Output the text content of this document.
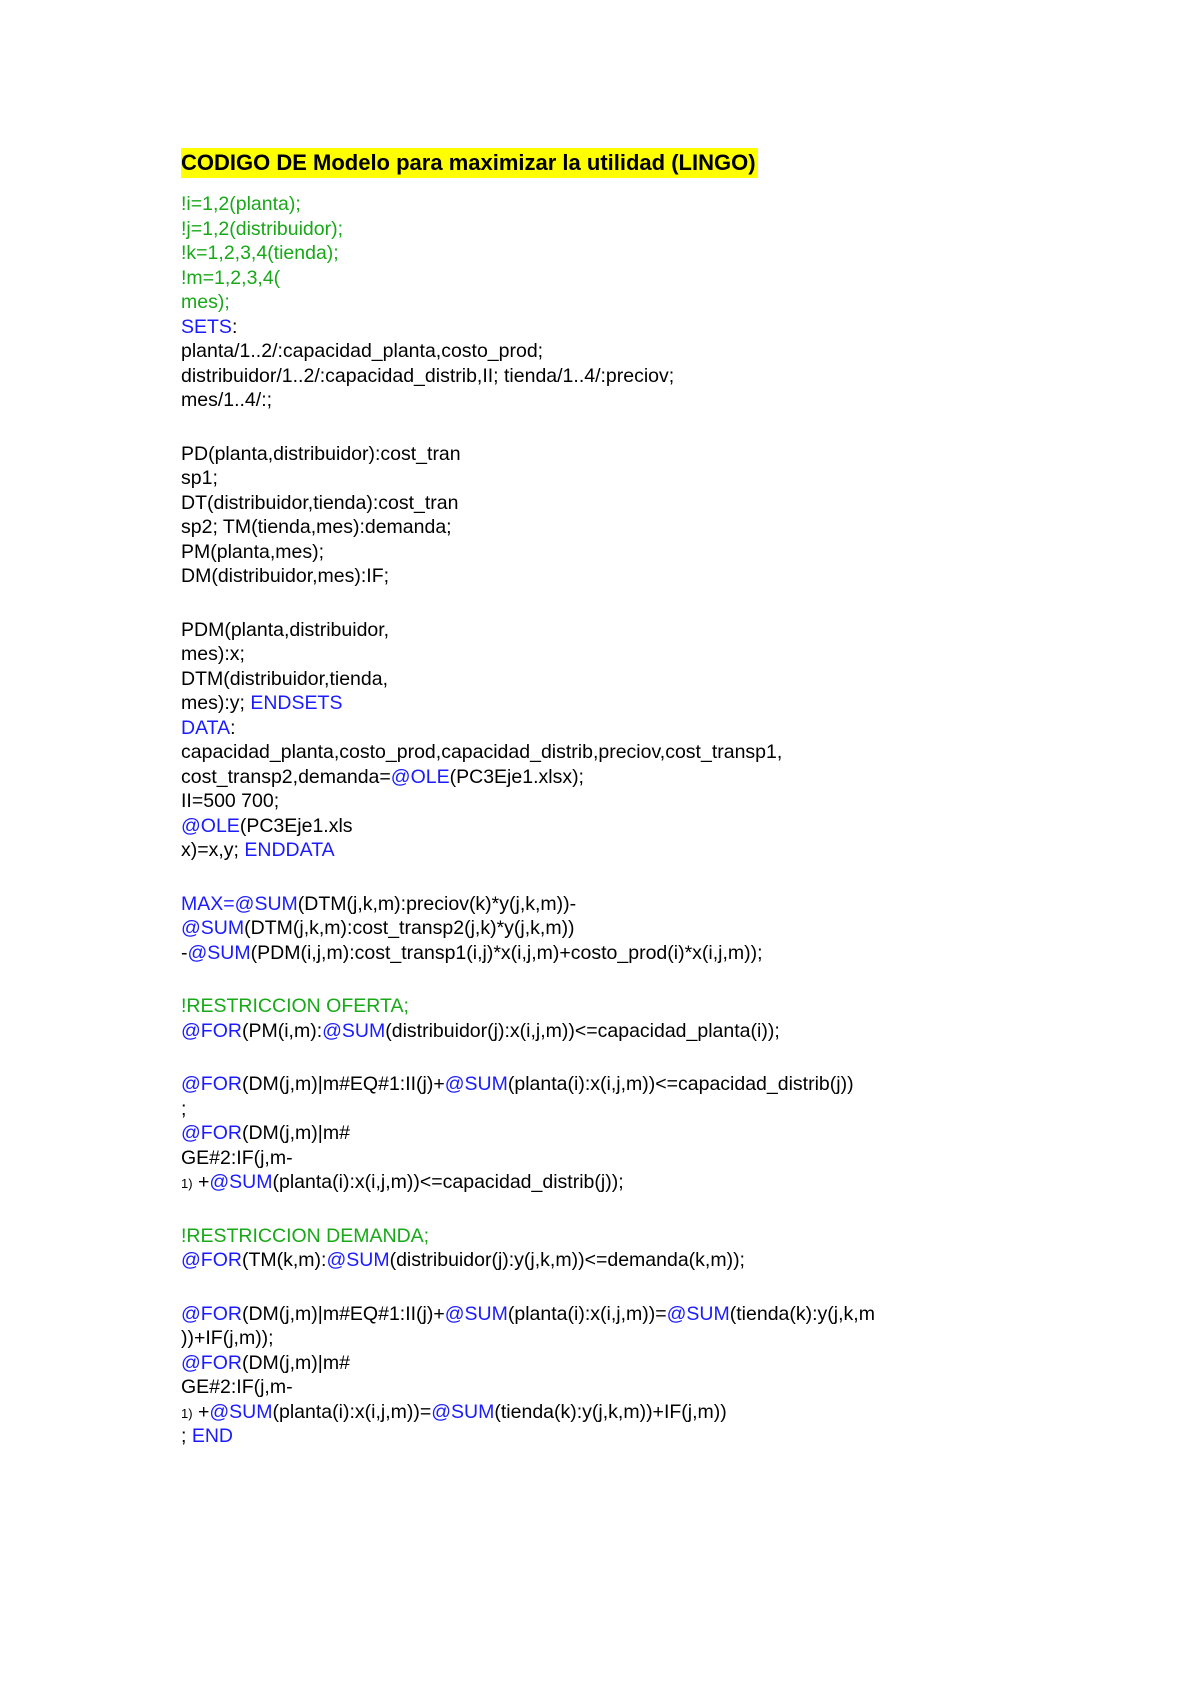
CODIGO DE Modelo para maximizar la utilidad (LINGO)
!i=1,2(planta);
!j=1,2(distribuidor);
!k=1,2,3,4(tienda);
!m=1,2,3,4(
mes);
SETS:
planta/1..2/:capacidad_planta,costo_prod;
distribuidor/1..2/:capacidad_distrib,II; tienda/1..4/:preciov;
mes/1..4/:;
PD(planta,distribuidor):cost_tran
sp1;
DT(distribuidor,tienda):cost_tran
sp2; TM(tienda,mes):demanda;
PM(planta,mes);
DM(distribuidor,mes):IF;
PDM(planta,distribuidor,
mes):x;
DTM(distribuidor,tienda,
mes):y; ENDSETS
DATA:
capacidad_planta,costo_prod,capacidad_distrib,preciov,cost_transp1,
cost_transp2,demanda=@OLE(PC3Eje1.xlsx);
II=500 700;
@OLE(PC3Eje1.xls
x)=x,y; ENDDATA
MAX=@SUM(DTM(j,k,m):preciov(k)*y(j,k,m))-
@SUM(DTM(j,k,m):cost_transp2(j,k)*y(j,k,m))
-@SUM(PDM(i,j,m):cost_transp1(i,j)*x(i,j,m)+costo_prod(i)*x(i,j,m));
!RESTRICCION OFERTA;
@FOR(PM(i,m):@SUM(distribuidor(j):x(i,j,m))<=capacidad_planta(i));
@FOR(DM(j,m)|m#EQ#1:II(j)+@SUM(planta(i):x(i,j,m))<=capacidad_distrib(j))
;
@FOR(DM(j,m)|m#
GE#2:IF(j,m-
1) +@SUM(planta(i):x(i,j,m))<=capacidad_distrib(j));
!RESTRICCION DEMANDA;
@FOR(TM(k,m):@SUM(distribuidor(j):y(j,k,m))<=demanda(k,m));
@FOR(DM(j,m)|m#EQ#1:II(j)+@SUM(planta(i):x(i,j,m))=@SUM(tienda(k):y(j,k,m
))+IF(j,m));
@FOR(DM(j,m)|m#
GE#2:IF(j,m-
1) +@SUM(planta(i):x(i,j,m))=@SUM(tienda(k):y(j,k,m))+IF(j,m))
; END
